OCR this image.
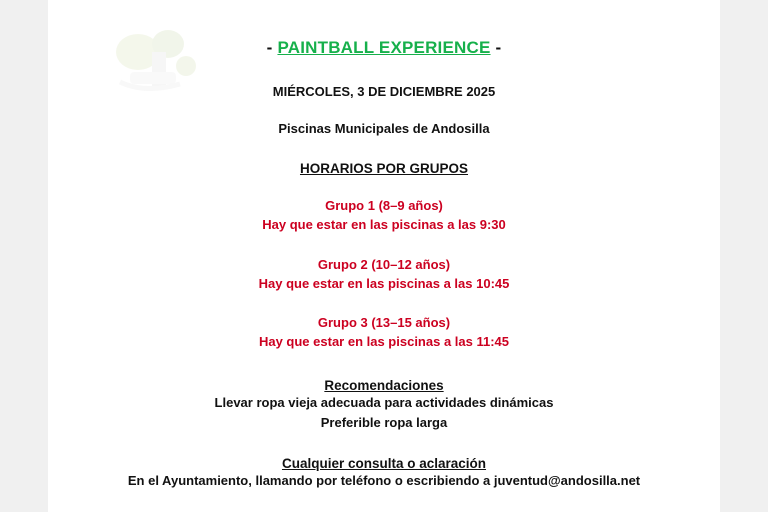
- PAINTBALL EXPERIENCE -
MIÉRCOLES, 3 DE DICIEMBRE 2025
Piscinas Municipales de Andosilla
HORARIOS POR GRUPOS
Grupo 1 (8–9 años)
Hay que estar en las piscinas a las 9:30
Grupo 2 (10–12 años)
Hay que estar en las piscinas a las 10:45
Grupo 3 (13–15 años)
Hay que estar en las piscinas a las 11:45
Recomendaciones
Llevar ropa vieja adecuada para actividades dinámicas
Preferible ropa larga
Cualquier consulta o aclaración
En el Ayuntamiento, llamando por teléfono o escribiendo a juventud@andosilla.net
